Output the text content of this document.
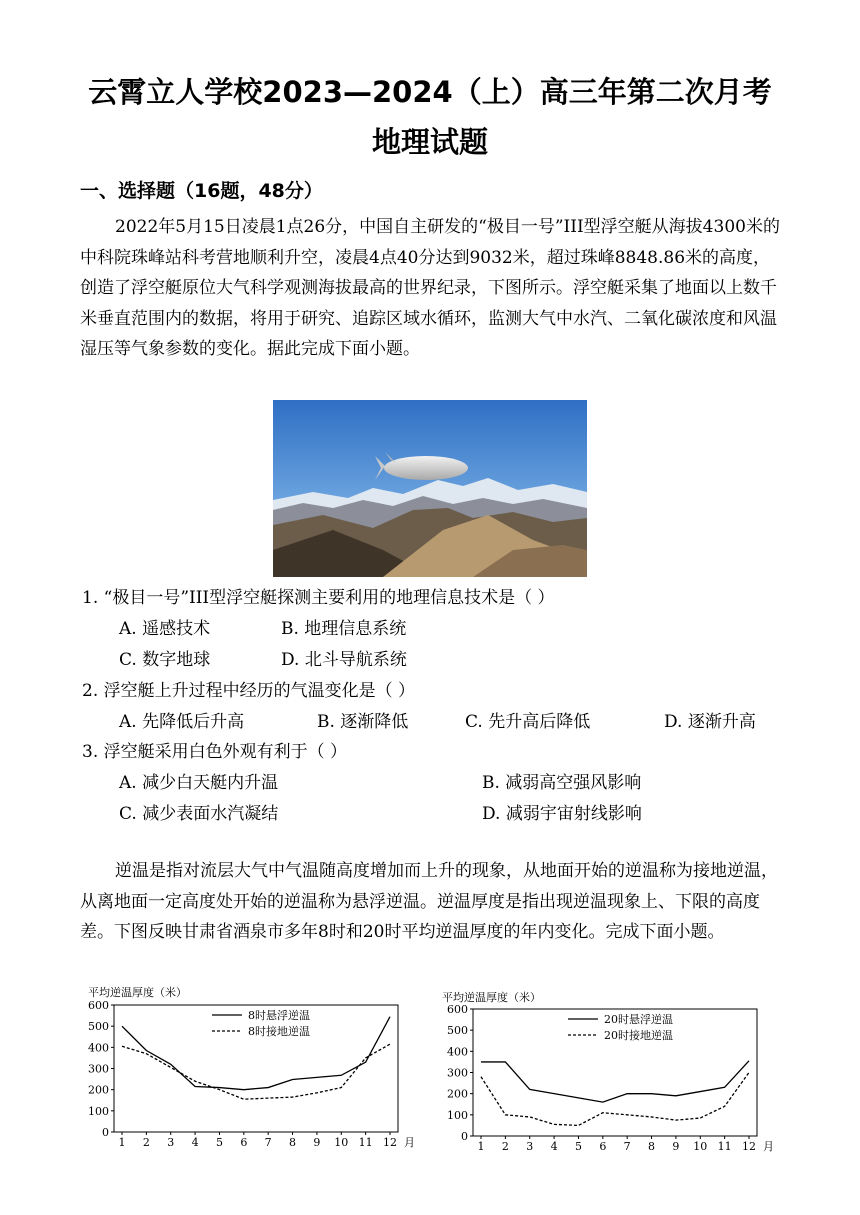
云霄立人学校2023—2024（上）高三年第二次月考
地理试题
一、选择题（16题，48分）
2022年5月15日凌晨1点26分，中国自主研发的“极目一号”III型浮空艇从海拔4300米的中科院珠峰站科考营地顺利升空，凌晨4点40分达到9032米，超过珠峰8848.86米的高度，创造了浮空艇原位大气科学观测海拔最高的世界纪录，下图所示。浮空艇采集了地面以上数千米垂直范围内的数据，将用于研究、追踪区域水循环，监测大气中水汽、二氧化碳浓度和风温湿压等气象参数的变化。据此完成下面小题。
1. “极目一号”III型浮空艇探测主要利用的地理信息技术是（ ）
A. 遥感技术	B. 地理信息系统
C. 数字地球	D. 北斗导航系统
2. 浮空艇上升过程中经历的气温变化是（ ）
A. 先降低后升高	B. 逐渐降低	C. 先升高后降低	D. 逐渐升高
3. 浮空艇采用白色外观有利于（ ）
A. 减少白天艇内升温	B. 减弱高空强风影响
C. 减少表面水汽凝结	D. 减弱宇宙射线影响
逆温是指对流层大气中气温随高度增加而上升的现象，从地面开始的逆温称为接地逆温，从离地面一定高度处开始的逆温称为悬浮逆温。逆温厚度是指出现逆温现象上、下限的高度差。下图反映甘肃省酒泉市多年8时和20时平均逆温厚度的年内变化。完成下面小题。
平均逆温厚度（米）
0
100
200
300
400
500
600
1 2 3 4 5 6 7 8 9 10 11 12 月
8时悬浮逆温
8时接地逆温
平均逆温厚度（米）
0
100
200
300
400
500
600
1 2 3 4 5 6 7 8 9 10 11 12 月
20时悬浮逆温
20时接地逆温
